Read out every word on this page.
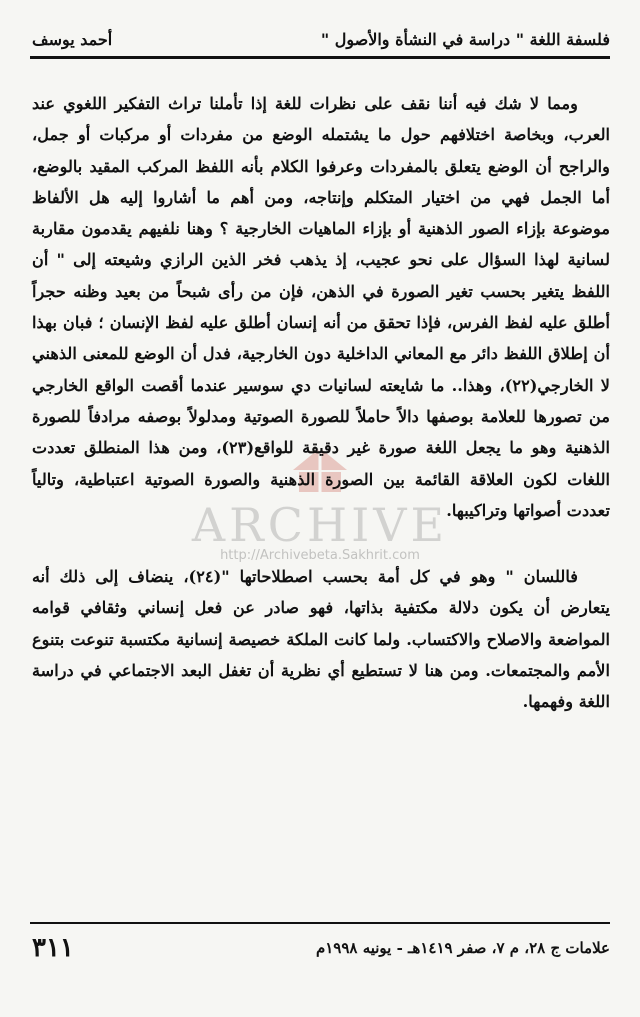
فلسفة اللغة " دراسة في النشأة والأصول "
أحمد يوسف
ARCHIVE
http://Archivebeta.Sakhrit.com

ومما لا شك فيه أننا نقف على نظرات للغة إذا تأملنا تراث التفكير اللغوي عند العرب، وبخاصة اختلافهم حول ما يشتمله الوضع من مفردات أو مركبات أو جمل، والراجح أن الوضع يتعلق بالمفردات وعرفوا الكلام بأنه اللفظ المركب المقيد بالوضع، أما الجمل فهي من اختيار المتكلم وإنتاجه، ومن أهم ما أشاروا إليه هل الألفاظ موضوعة بإزاء الصور الذهنية أو بإزاء الماهيات الخارجية ؟ وهنا نلفيهم يقدمون مقاربة لسانية لهذا السؤال على نحو عجيب، إذ يذهب فخر الذين الرازي وشيعته إلى " أن اللفظ يتغير بحسب تغير الصورة في الذهن، فإن من رأى شبحاً من بعيد وظنه حجراً أطلق عليه لفظ الفرس، فإذا تحقق من أنه إنسان أطلق عليه لفظ الإنسان ؛ فبان بهذا أن إطلاق اللفظ دائر مع المعاني الداخلية دون الخارجية، فدل أن الوضع للمعنى الذهني لا الخارجي(٢٢)، وهذا.. ما شايعته لسانيات دي سوسير عندما أقصت الواقع الخارجي من تصورها للعلامة بوصفها دالاً حاملاً للصورة الصوتية ومدلولاً بوصفه مرادفاً للصورة الذهنية وهو ما يجعل اللغة صورة غير دقيقة للواقع(٢٣)، ومن هذا المنطلق تعددت اللغات لكون العلاقة القائمة بين الصورة الذهنية والصورة الصوتية اعتباطية، وتالياً تعددت أصواتها وتراكيبها.

فاللسان " وهو في كل أمة بحسب اصطلاحاتها "(٢٤)، ينضاف إلى ذلك أنه يتعارض أن يكون دلالة مكتفية بذاتها، فهو صادر عن فعل إنساني وثقافي قوامه المواضعة والاصلاح والاكتساب. ولما كانت الملكة خصيصة إنسانية مكتسبة تنوعت بتنوع الأمم والمجتمعات. ومن هنا لا تستطيع أي نظرية أن تغفل البعد الاجتماعي في دراسة اللغة وفهمها.

علامات ج ٢٨، م ٧، صفر ١٤١٩هـ - يونيه ١٩٩٨م
٣١١
